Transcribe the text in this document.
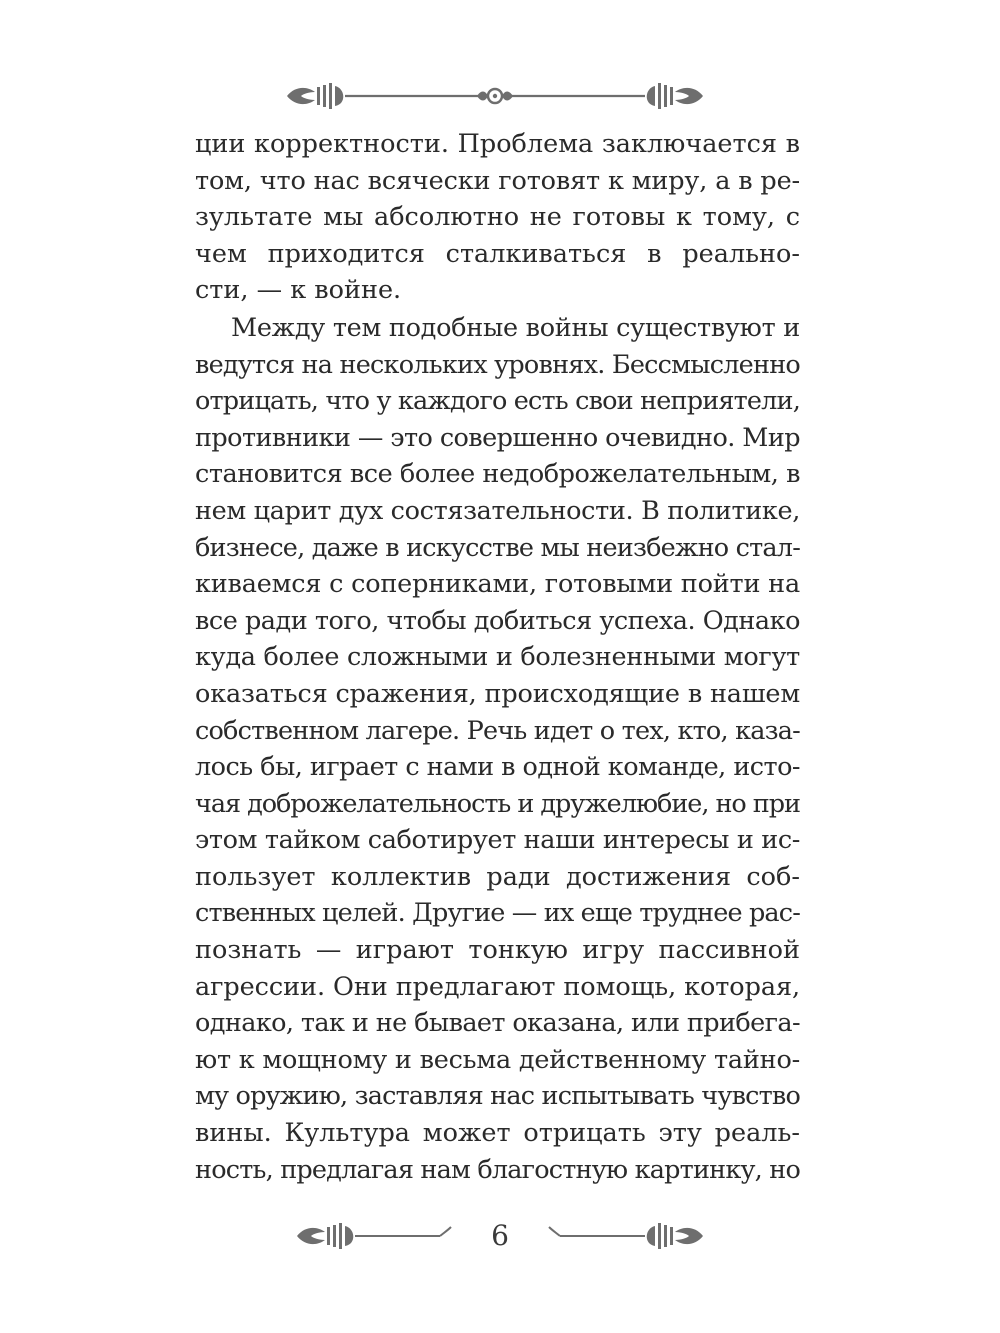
ции корректности. Проблема заключается в
том, что нас всячески готовят к миру, а в ре-
зультате мы абсолютно не готовы к тому, с
чем приходится сталкиваться в реально-
сти, — к войне.
Между тем подобные войны существуют и
ведутся на нескольких уровнях. Бессмысленно
отрицать, что у каждого есть свои неприятели,
противники — это совершенно очевидно. Мир
становится все более недоброжелательным, в
нем царит дух состязательности. В политике,
бизнесе, даже в искусстве мы неизбежно стал-
киваемся с соперниками, готовыми пойти на
все ради того, чтобы добиться успеха. Однако
куда более сложными и болезненными могут
оказаться сражения, происходящие в нашем
собственном лагере. Речь идет о тех, кто, каза-
лось бы, играет с нами в одной команде, исто-
чая доброжелательность и дружелюбие, но при
этом тайком саботирует наши интересы и ис-
пользует коллектив ради достижения соб-
ственных целей. Другие — их еще труднее рас-
познать — играют тонкую игру пассивной
агрессии. Они предлагают помощь, которая,
однако, так и не бывает оказана, или прибега-
ют к мощному и весьма действенному тайно-
му оружию, заставляя нас испытывать чувство
вины. Культура может отрицать эту реаль-
ность, предлагая нам благостную картинку, но
6
